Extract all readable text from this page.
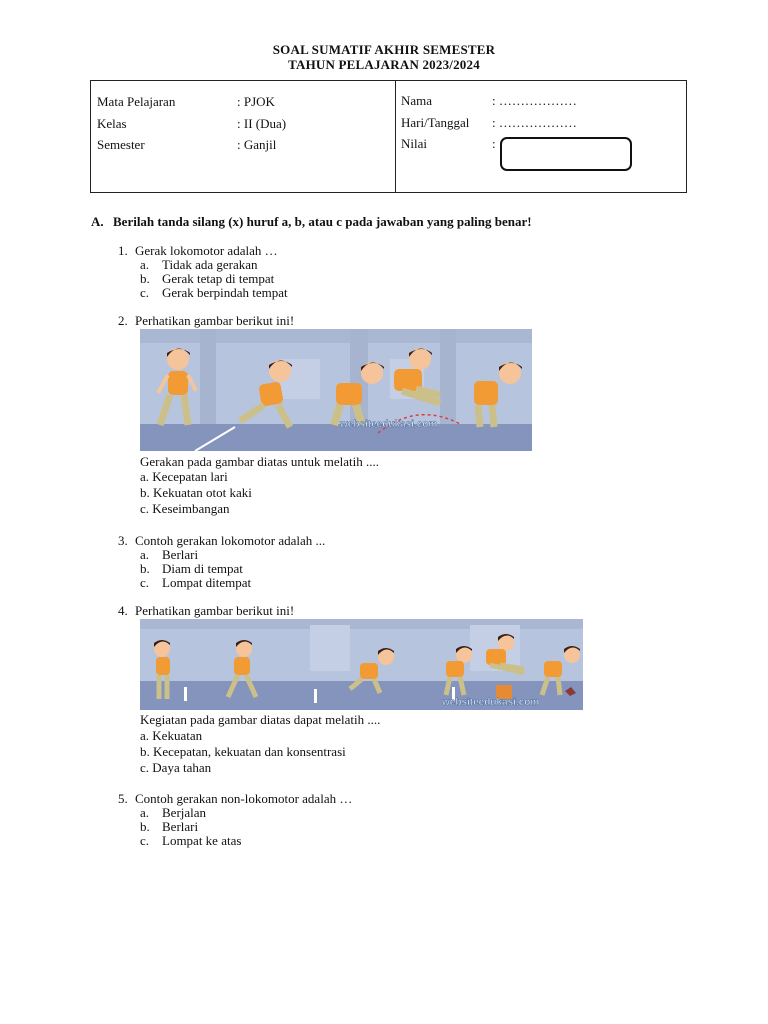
SOAL SUMATIF AKHIR SEMESTER
TAHUN PELAJARAN 2023/2024
Mata Pelajaran	: PJOK
Kelas	: II (Dua)
Semester	: Ganjil
Nama	: ………………
Hari/Tanggal : ………………
Nilai	:
A. Berilah tanda silang (x) huruf a, b, atau c pada jawaban yang paling benar!
1. Gerak lokomotor adalah …
a. Tidak ada gerakan
b. Gerak tetap di tempat
c. Gerak berpindah tempat
2. Perhatikan gambar berikut ini!
websiteedukasi.com
Gerakan pada gambar diatas untuk melatih ....
a. Kecepatan lari
b. Kekuatan otot kaki
c. Keseimbangan
3. Contoh gerakan lokomotor adalah ...
a. Berlari
b. Diam di tempat
c. Lompat ditempat
4. Perhatikan gambar berikut ini!
websiteedukasi.com
Kegiatan pada gambar diatas dapat melatih ....
a. Kekuatan
b. Kecepatan, kekuatan dan konsentrasi
c. Daya tahan
5. Contoh gerakan non-lokomotor adalah …
a. Berjalan
b. Berlari
c. Lompat ke atas
